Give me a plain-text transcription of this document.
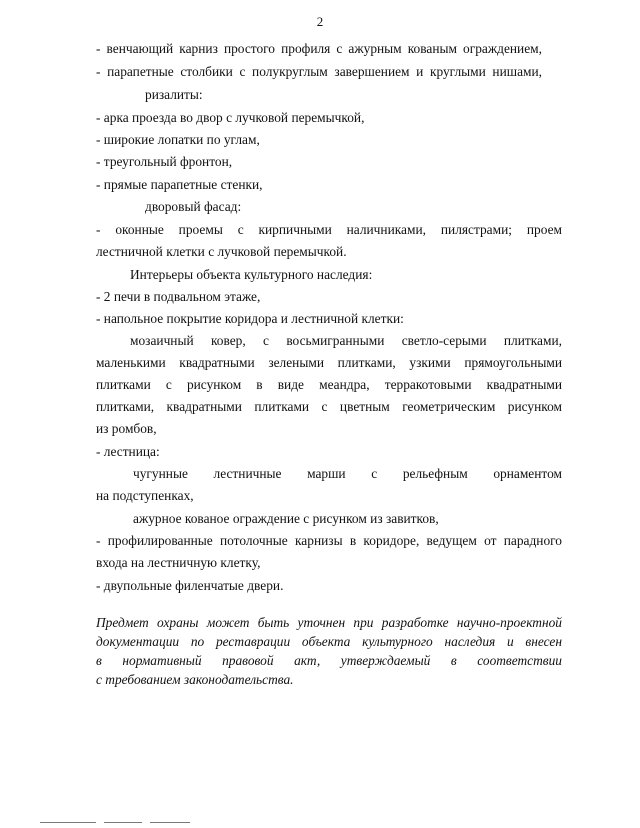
2

- венчающий карниз простого профиля с ажурным кованым ограждением,

- парапетные столбики с полукруглым завершением и круглыми нишами,

ризалиты:

- арка проезда во двор с лучковой перемычкой,

- широкие лопатки по углам,

- треугольный фронтон,

- прямые парапетные стенки,

дворовый фасад:

- оконные проемы с кирпичными наличниками, пилястрами; проем

лестничной клетки с лучковой перемычкой.

Интерьеры объекта культурного наследия:

- 2 печи в подвальном этаже,

- напольное покрытие коридора и лестничной клетки:

мозаичный ковер, с восьмигранными светло-серыми плитками,

маленькими квадратными зелеными плитками, узкими прямоугольными

плитками с рисунком в виде меандра, терракотовыми квадратными

плитками, квадратными плитками с цветным геометрическим рисунком

из ромбов,

- лестница:

чугунные лестничные марши с рельефным орнаментом

на подступенках,

ажурное кованое ограждение с рисунком из завитков,

- профилированные потолочные карнизы в коридоре, ведущем от парадного

входа на лестничную клетку,

- двупольные филенчатые двери.

Предмет охраны может быть уточнен при разработке научно-проектной

документации по реставрации объекта культурного наследия и внесен

в нормативный правовой акт, утверждаемый в соответствии

с требованием законодательства.
